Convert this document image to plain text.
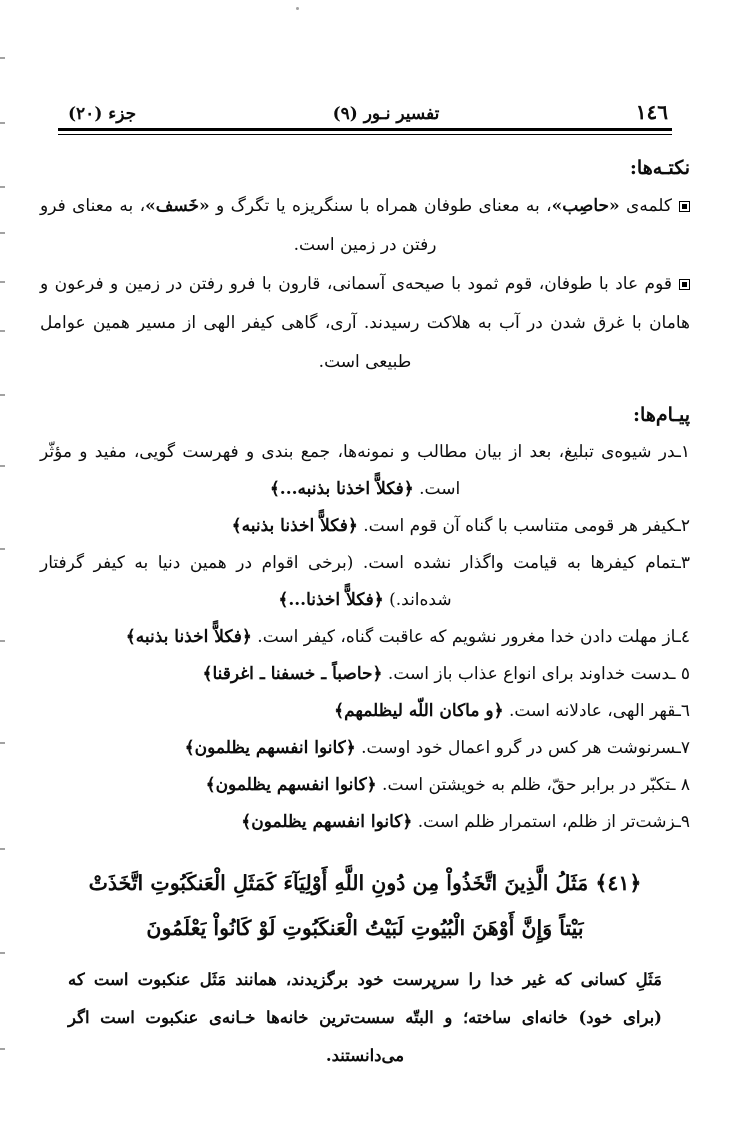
١٤٦
تفسير نـور (٩)
جزء (٢٠)
نكتـه‌ها:
كلمه‌ی «حاصِب»، به معنای طوفان همراه با سنگریزه یا تگرگ و «خَسف»، به معنای فرو رفتن در زمین است.
قوم عاد با طوفان، قوم ثمود با صیحه‌ی آسمانی، قارون با فرو رفتن در زمین و فرعون و هامان با غرق شدن در آب به هلاکت رسیدند. آری، گاهی کیفر الهی از مسیر همین عوامل طبیعی است.
پيـام‌ها:
١ـدر شیوه‌ی تبلیغ، بعد از بیان مطالب و نمونه‌ها، جمع بندی و فهرست گویی، مفید و مؤثّر است. ﴿فكلاًّ اخذنا بذنبه...﴾
٢ـکیفر هر قومی متناسب با گناه آن قوم است. ﴿فكلاًّ اخذنا بذنبه﴾
٣ـتمام کیفرها به قیامت واگذار نشده است. (برخی اقوام در همین دنیا به کیفر گرفتار شده‌اند.) ﴿فكلاًّ اخذنا...﴾
٤ـاز مهلت دادن خدا مغرور نشویم که عاقبت گناه، کیفر است. ﴿فكلاًّ اخذنا بذنبه﴾
٥ ـدست خداوند برای انواع عذاب باز است. ﴿حاصباً ـ خسفنا ـ اغرقنا﴾
٦ـقهر الهی، عادلانه است. ﴿و ماكان اللّه ليظلمهم﴾
٧ـسرنوشت هر کس در گرو اعمال خود اوست. ﴿كانوا انفسهم يظلمون﴾
٨ ـتکبّر در برابر حقّ، ظلم به خویشتن است. ﴿كانوا انفسهم يظلمون﴾
٩ـزشت‌تر از ظلم، استمرار ظلم است. ﴿كانوا انفسهم يظلمون﴾
﴿٤١﴾ مَثَلُ الَّذِينَ اتَّخَذُواْ مِن دُونِ اللَّهِ أَوْلِيَآءَ كَمَثَلِ الْعَنكَبُوتِ اتَّخَذَتْ
بَيْتاً وَإِنَّ أَوْهَنَ الْبُيُوتِ لَبَيْتُ الْعَنكَبُوتِ لَوْ كَانُواْ يَعْلَمُونَ
مَثَلِ کسانی که غیر خدا را سرپرست خود برگزیدند، همانند مَثَل عنکبوت است که (برای خود) خانه‌ای ساخته؛ و البتّه سست‌ترین خانه‌ها خـانه‌ی عنکبوت است اگر می‌دانستند.
